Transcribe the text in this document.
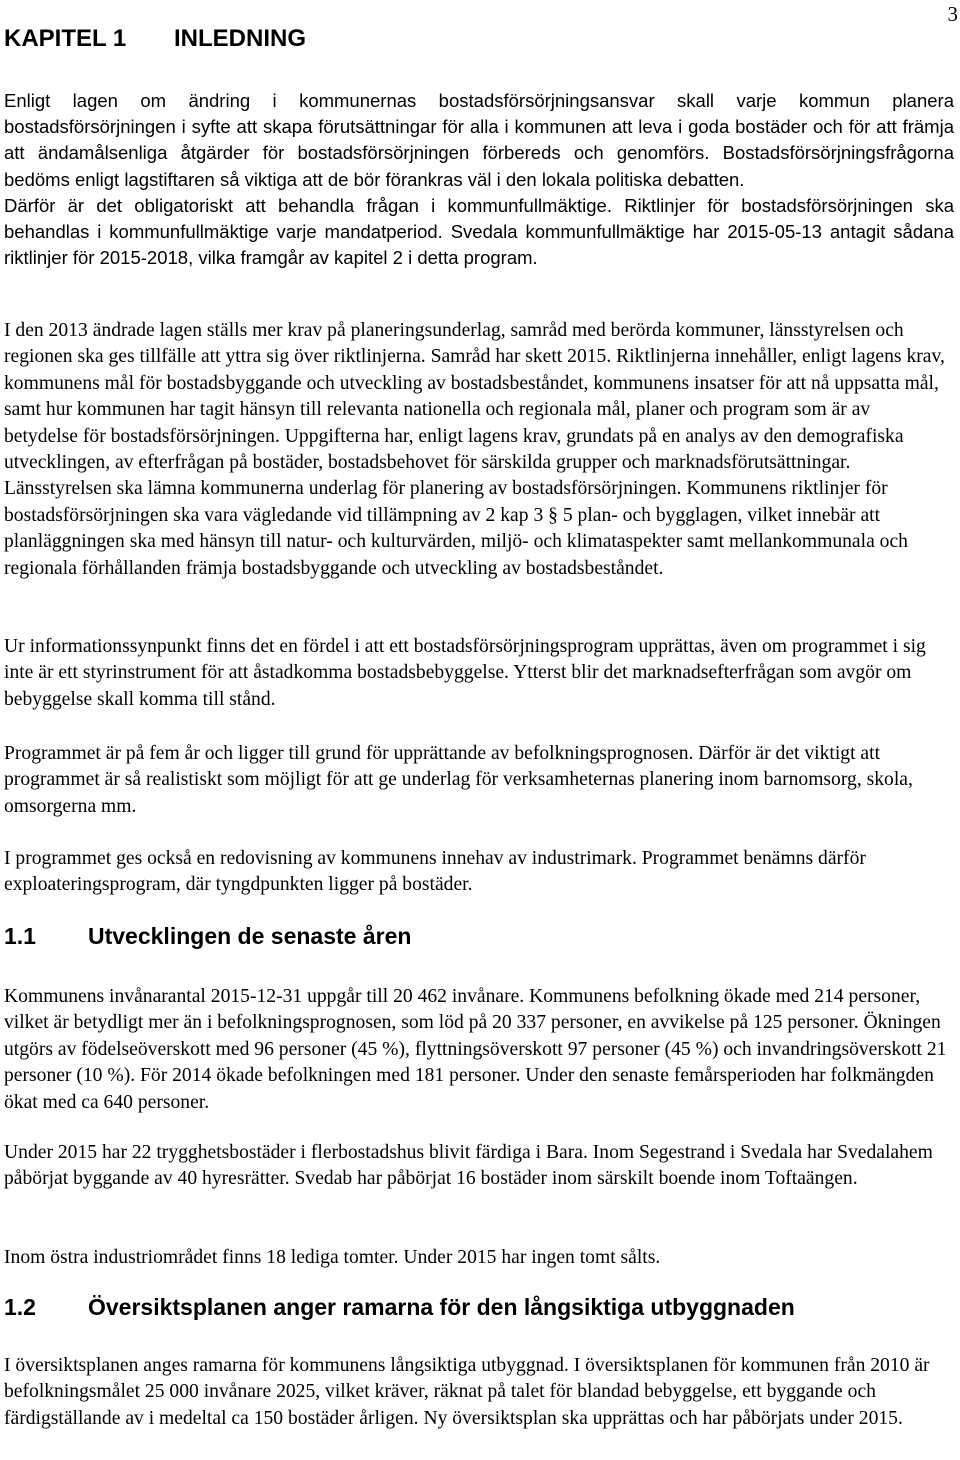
3
KAPITEL 1 INLEDNING

Enligt lagen om ändring i kommunernas bostadsförsörjningsansvar skall varje kommun planera bostadsförsörjningen i syfte att skapa förutsättningar för alla i kommunen att leva i goda bostäder och för att främja att ändamålsenliga åtgärder för bostadsförsörjningen förbereds och genomförs. Bostadsförsörjningsfrågorna bedöms enligt lagstiftaren så viktiga att de bör förankras väl i den lokala politiska debatten.

Därför är det obligatoriskt att behandla frågan i kommunfullmäktige. Riktlinjer för bostadsförsörjningen ska behandlas i kommunfullmäktige varje mandatperiod. Svedala kommunfullmäktige har 2015-05-13 antagit sådana riktlinjer för 2015-2018, vilka framgår av kapitel 2 i detta program.

I den 2013 ändrade lagen ställs mer krav på planeringsunderlag, samråd med berörda kommuner, länsstyrelsen och regionen ska ges tillfälle att yttra sig över riktlinjerna. Samråd har skett 2015. Riktlinjerna innehåller, enligt lagens krav, kommunens mål för bostadsbyggande och utveckling av bostadsbeståndet, kommunens insatser för att nå uppsatta mål, samt hur kommunen har tagit hänsyn till relevanta nationella och regionala mål, planer och program som är av betydelse för bostadsförsörjningen. Uppgifterna har, enligt lagens krav, grundats på en analys av den demografiska utvecklingen, av efterfrågan på bostäder, bostadsbehovet för särskilda grupper och marknadsförutsättningar. Länsstyrelsen ska lämna kommunerna underlag för planering av bostadsförsörjningen. Kommunens riktlinjer för bostadsförsörjningen ska vara vägledande vid tillämpning av 2 kap 3 § 5 plan- och bygglagen, vilket innebär att planläggningen ska med hänsyn till natur- och kulturvärden, miljö- och klimataspekter samt mellankommunala och regionala förhållanden främja bostadsbyggande och utveckling av bostadsbeståndet.

Ur informationssynpunkt finns det en fördel i att ett bostadsförsörjningsprogram upprättas, även om programmet i sig inte är ett styrinstrument för att åstadkomma bostadsbebyggelse. Ytterst blir det marknadsefterfrågan som avgör om bebyggelse skall komma till stånd.

Programmet är på fem år och ligger till grund för upprättande av befolkningsprognosen. Därför är det viktigt att programmet är så realistiskt som möjligt för att ge underlag för verksamheternas planering inom barnomsorg, skola, omsorgerna mm.

I programmet ges också en redovisning av kommunens innehav av industrimark. Programmet benämns därför exploateringsprogram, där tyngdpunkten ligger på bostäder.

1.1 Utvecklingen de senaste åren

Kommunens invånarantal 2015-12-31 uppgår till 20 462 invånare. Kommunens befolkning ökade med 214 personer, vilket är betydligt mer än i befolkningsprognosen, som löd på 20 337 personer, en avvikelse på 125 personer. Ökningen utgörs av födelseöverskott med 96 personer (45 %), flyttningsöverskott 97 personer (45 %) och invandringsöverskott 21 personer (10 %). För 2014 ökade befolkningen med 181 personer. Under den senaste femårsperioden har folkmängden ökat med ca 640 personer.

Under 2015 har 22 trygghetsbostäder i flerbostadshus blivit färdiga i Bara. Inom Segestrand i Svedala har Svedalahem påbörjat byggande av 40 hyresrätter. Svedab har påbörjat 16 bostäder inom särskilt boende inom Toftaängen.

Inom östra industriområdet finns 18 lediga tomter. Under 2015 har ingen tomt sålts.

1.2 Översiktsplanen anger ramarna för den långsiktiga utbyggnaden

I översiktsplanen anges ramarna för kommunens långsiktiga utbyggnad. I översiktsplanen för kommunen från 2010 är befolkningsmålet 25 000 invånare 2025, vilket kräver, räknat på talet för blandad bebyggelse, ett byggande och färdigställande av i medeltal ca 150 bostäder årligen. Ny översiktsplan ska upprättas och har påbörjats under 2015.
